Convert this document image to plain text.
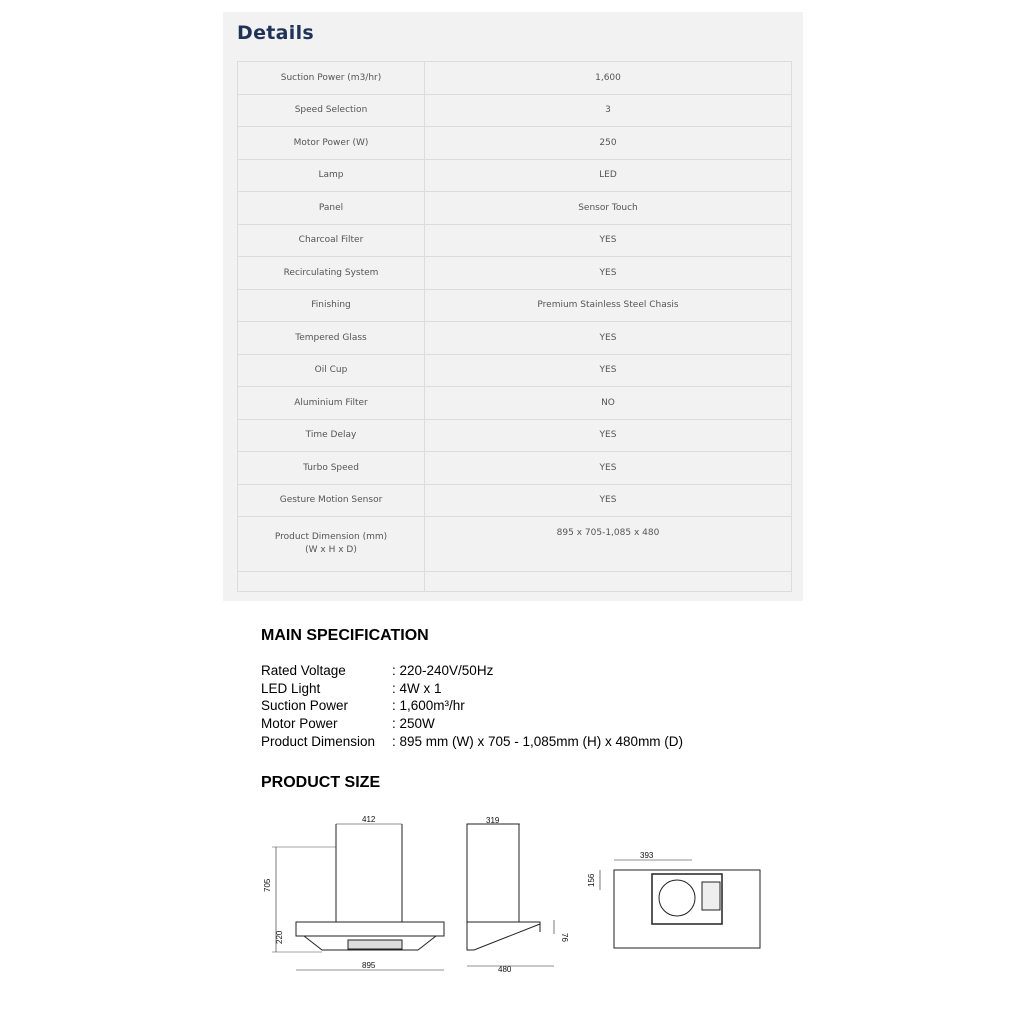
Details
Suction Power (m3/hr)	1,600
Speed Selection	3
Motor Power (W)	250
Lamp	LED
Panel	Sensor Touch
Charcoal Filter	YES
Recirculating System	YES
Finishing	Premium Stainless Steel Chasis
Tempered Glass	YES
Oil Cup	YES
Aluminium Filter	NO
Time Delay	YES
Turbo Speed	YES
Gesture Motion Sensor	YES
Product Dimension (mm)
(W x H x D)	895 x 705-1,085 x 480

MAIN SPECIFICATION
Rated Voltage	: 220-240V/50Hz
LED Light	: 4W x 1
Suction Power	: 1,600m³/hr
Motor Power	: 250W
Product Dimension : 895 mm (W) x 705 - 1,085mm (H) x 480mm (D)
PRODUCT SIZE
412
705
220
895
319
76
480
393
156
